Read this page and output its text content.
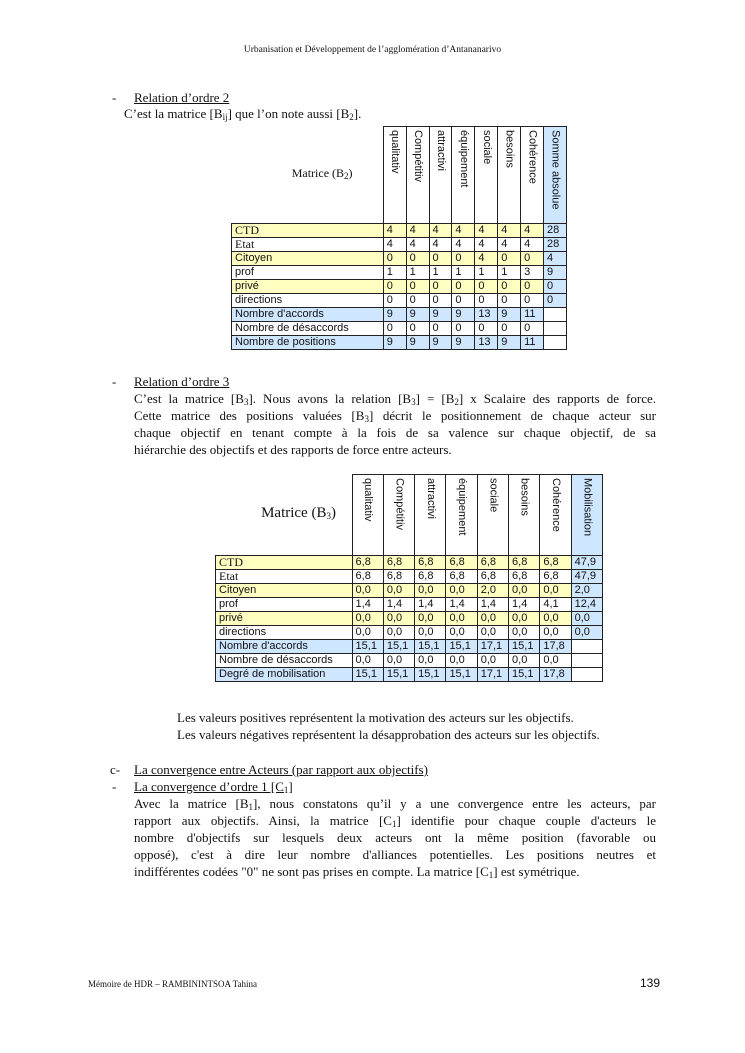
Urbanisation et Développement de l’agglomération d’Antananarivo
- Relation d’ordre 2
C’est la matrice $[B_{ij}]$ que l’on note aussi $[B_2]$.
Matrice $(B_2)$	qualitativ	Compétitiv	attractivi	équipement	sociale	besoins	Cohérence	Somme absolue

CTD	4	4	4	4	4	4	4	28
Etat	4	4	4	4	4	4	4	28
Citoyen	0	0	0	0	4	0	0	4
prof	1	1	1	1	1	1	3	9
privé	0	0	0	0	0	0	0	0
directions	0	0	0	0	0	0	0	0
Nombre d'accords	9	9	9	9	13	9	11	
Nombre de désaccords	0	0	0	0	0	0	0	
Nombre de positions	9	9	9	9	13	9	11	
- Relation d’ordre 3
C’est la matrice $[B_3]$. Nous avons la relation $[B_3] = [B_2]$ x Scalaire des rapports de force.
Cette matrice des positions valuées $[B_3]$ décrit le positionnement de chaque acteur sur
chaque objectif en tenant compte à la fois de sa valence sur chaque objectif, de sa
hiérarchie des objectifs et des rapports de force entre acteurs.
Matrice $(B_3)$	qualitativ	Compétitiv	attractivi	équipement	sociale	besoins	Cohérence	Mobilisation

CTD	6,8	6,8	6,8	6,8	6,8	6,8	6,8	47,9
Etat	6,8	6,8	6,8	6,8	6,8	6,8	6,8	47,9
Citoyen	0,0	0,0	0,0	0,0	2,0	0,0	0,0	2,0
prof	1,4	1,4	1,4	1,4	1,4	1,4	4,1	12,4
privé	0,0	0,0	0,0	0,0	0,0	0,0	0,0	0,0
directions	0,0	0,0	0,0	0,0	0,0	0,0	0,0	0,0
Nombre d'accords	15,1	15,1	15,1	15,1	17,1	15,1	17,8	
Nombre de désaccords	0,0	0,0	0,0	0,0	0,0	0,0	0,0	
Degré de mobilisation	15,1	15,1	15,1	15,1	17,1	15,1	17,8	
Les valeurs positives représentent la motivation des acteurs sur les objectifs.
Les valeurs négatives représentent la désapprobation des acteurs sur les objectifs.
c- La convergence entre Acteurs (par rapport aux objectifs)
- La convergence d’ordre 1 $[C_1]$
Avec la matrice $[B_1]$, nous constatons qu’il y a une convergence entre les acteurs, par
rapport aux objectifs. Ainsi, la matrice $[C_1]$ identifie pour chaque couple d'acteurs le
nombre d'objectifs sur lesquels deux acteurs ont la même position (favorable ou
opposé), c'est à dire leur nombre d'alliances potentielles. Les positions neutres et
indifférentes codées "0" ne sont pas prises en compte. La matrice $[C_1]$ est symétrique.
Mémoire de HDR – RAMBININTSOA Tahina	139
